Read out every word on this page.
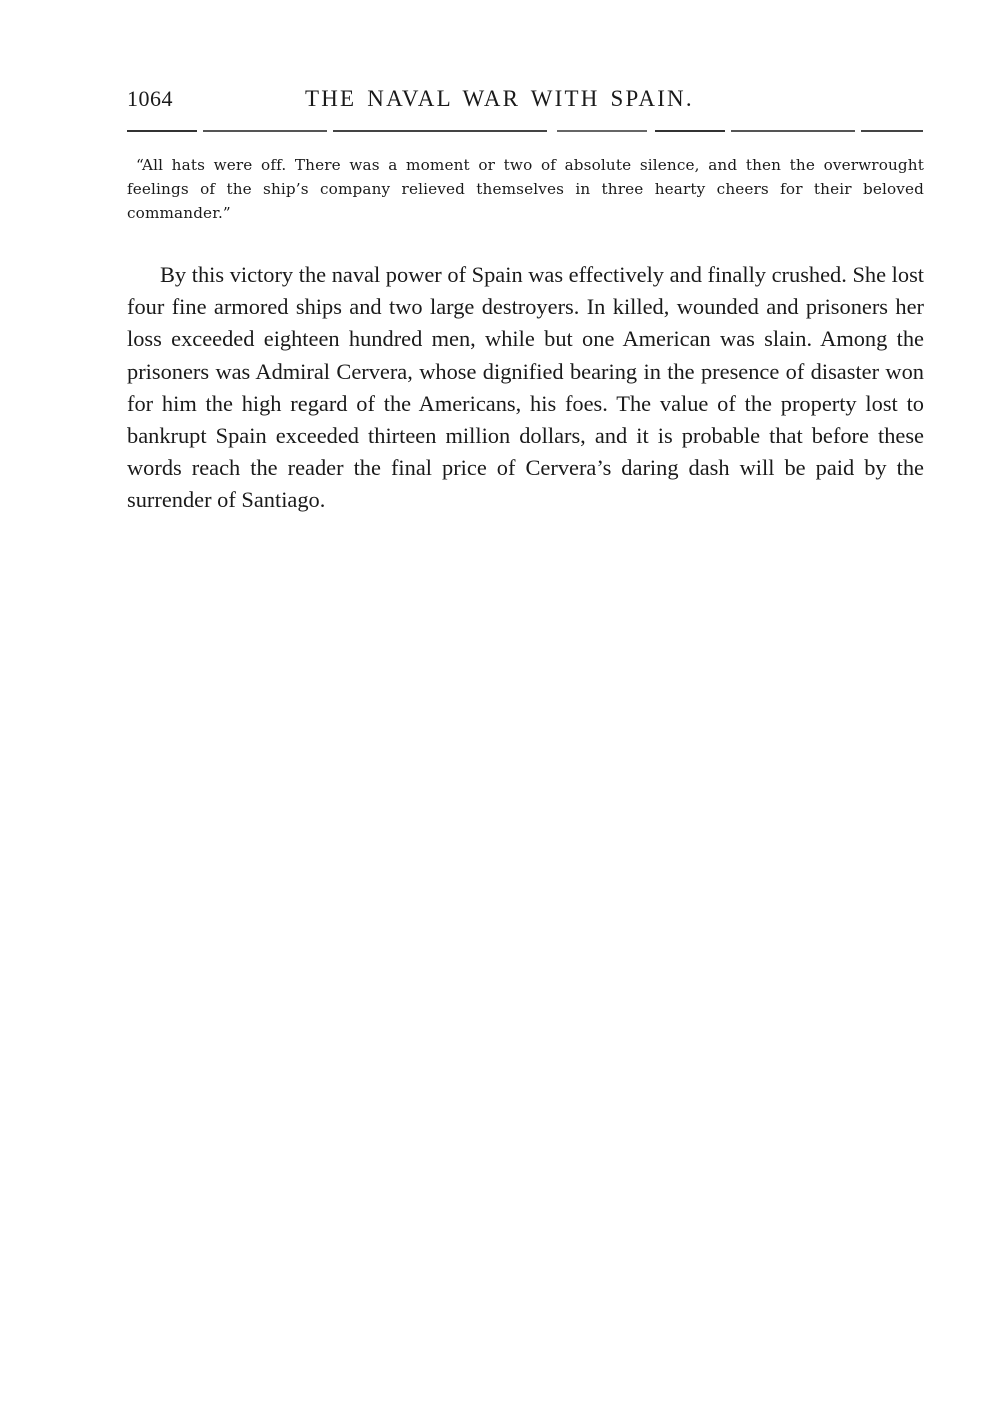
1064	THE NAVAL WAR WITH SPAIN.

“All hats were off. There was a moment or two of absolute silence, and then the overwrought feelings of the ship’s company relieved themselves in three hearty cheers for their beloved commander.”

By this victory the naval power of Spain was effectively and finally crushed. She lost four fine armored ships and two large destroyers. In killed, wounded and prisoners her loss exceeded eighteen hundred men, while but one American was slain. Among the prisoners was Admiral Cervera, whose dignified bearing in the presence of disaster won for him the high regard of the Americans, his foes. The value of the property lost to bankrupt Spain exceeded thirteen million dollars, and it is probable that before these words reach the reader the final price of Cervera’s daring dash will be paid by the surrender of Santiago.
